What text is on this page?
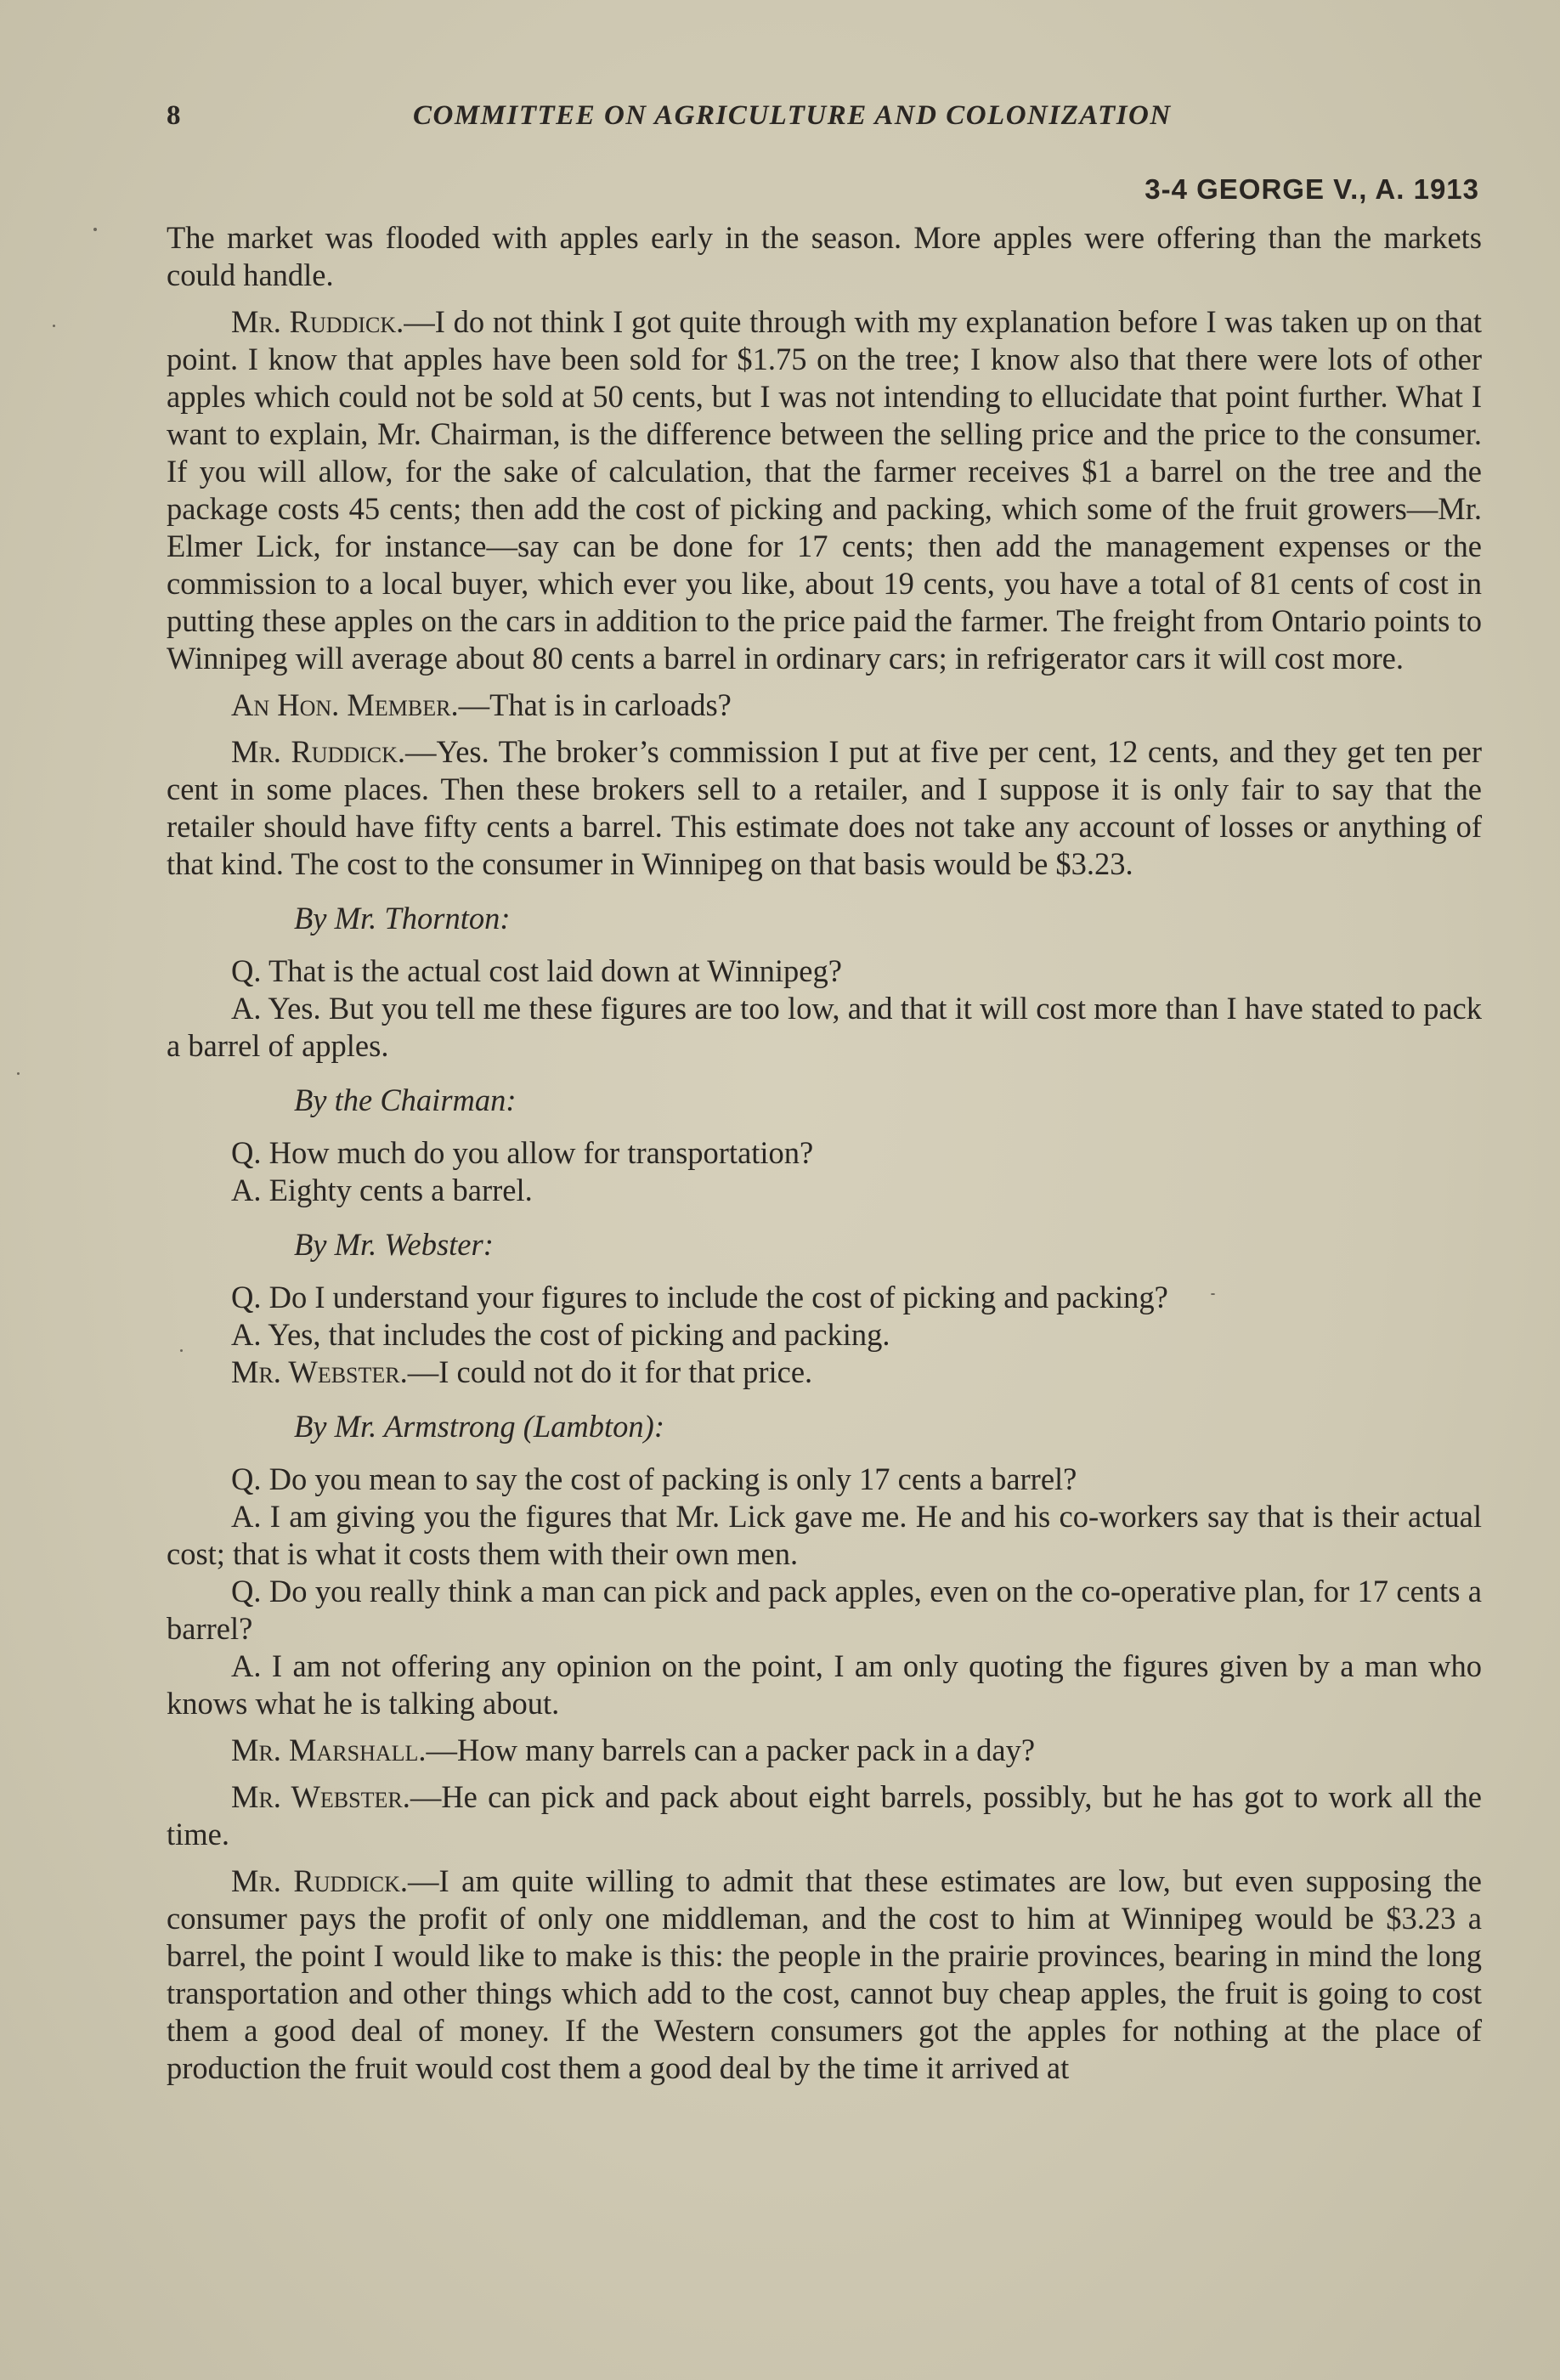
8	COMMITTEE ON AGRICULTURE AND COLONIZATION
3-4 GEORGE V., A. 1913

The market was flooded with apples early in the season. More apples were offering than the markets could handle.

Mr. Ruddick.—I do not think I got quite through with my explanation before I was taken up on that point. I know that apples have been sold for $1.75 on the tree; I know also that there were lots of other apples which could not be sold at 50 cents, but I was not intending to ellucidate that point further. What I want to explain, Mr. Chairman, is the difference between the selling price and the price to the consumer. If you will allow, for the sake of calculation, that the farmer receives $1 a barrel on the tree and the package costs 45 cents; then add the cost of picking and packing, which some of the fruit growers—Mr. Elmer Lick, for instance—say can be done for 17 cents; then add the management expenses or the commission to a local buyer, which ever you like, about 19 cents, you have a total of 81 cents of cost in putting these apples on the cars in addition to the price paid the farmer. The freight from Ontario points to Winnipeg will average about 80 cents a barrel in ordinary cars; in refrigerator cars it will cost more.

An Hon. Member.—That is in carloads?

Mr. Ruddick.—Yes. The broker’s commission I put at five per cent, 12 cents, and they get ten per cent in some places. Then these brokers sell to a retailer, and I suppose it is only fair to say that the retailer should have fifty cents a barrel. This estimate does not take any account of losses or anything of that kind. The cost to the consumer in Winnipeg on that basis would be $3.23.

By Mr. Thornton:

Q. That is the actual cost laid down at Winnipeg?

A. Yes. But you tell me these figures are too low, and that it will cost more than I have stated to pack a barrel of apples.

By the Chairman:

Q. How much do you allow for transportation?

A. Eighty cents a barrel.

By Mr. Webster:

Q. Do I understand your figures to include the cost of picking and packing?

A. Yes, that includes the cost of picking and packing.

Mr. Webster.—I could not do it for that price.

By Mr. Armstrong (Lambton):

Q. Do you mean to say the cost of packing is only 17 cents a barrel?

A. I am giving you the figures that Mr. Lick gave me. He and his co-workers say that is their actual cost; that is what it costs them with their own men.

Q. Do you really think a man can pick and pack apples, even on the co-operative plan, for 17 cents a barrel?

A. I am not offering any opinion on the point, I am only quoting the figures given by a man who knows what he is talking about.

Mr. Marshall.—How many barrels can a packer pack in a day?

Mr. Webster.—He can pick and pack about eight barrels, possibly, but he has got to work all the time.

Mr. Ruddick.—I am quite willing to admit that these estimates are low, but even supposing the consumer pays the profit of only one middleman, and the cost to him at Winnipeg would be $3.23 a barrel, the point I would like to make is this: the people in the prairie provinces, bearing in mind the long transportation and other things which add to the cost, cannot buy cheap apples, the fruit is going to cost them a good deal of money. If the Western consumers got the apples for nothing at the place of production the fruit would cost them a good deal by the time it arrived at
